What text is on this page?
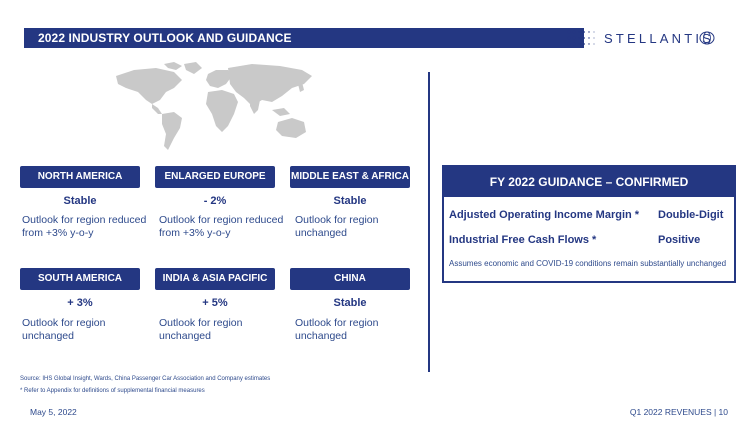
2022 INDUSTRY OUTLOOK AND GUIDANCE	STELLANTIS
NORTH AMERICA
Stable
Outlook for region reduced from +3% y-o-y
ENLARGED EUROPE
- 2%
Outlook for region reduced from +3% y-o-y
MIDDLE EAST & AFRICA
Stable
Outlook for region unchanged
SOUTH AMERICA
+ 3%
Outlook for region unchanged
INDIA & ASIA PACIFIC
+ 5%
Outlook for region unchanged
CHINA
Stable
Outlook for region unchanged
FY 2022 GUIDANCE – CONFIRMED
Adjusted Operating Income Margin * Double-Digit
Industrial Free Cash Flows *	Positive
Assumes economic and COVID-19 conditions remain substantially unchanged
Source: IHS Global Insight, Wards, China Passenger Car Association and Company estimates
* Refer to Appendix for definitions of supplemental financial measures
May 5, 2022	Q1 2022 REVENUES | 10
